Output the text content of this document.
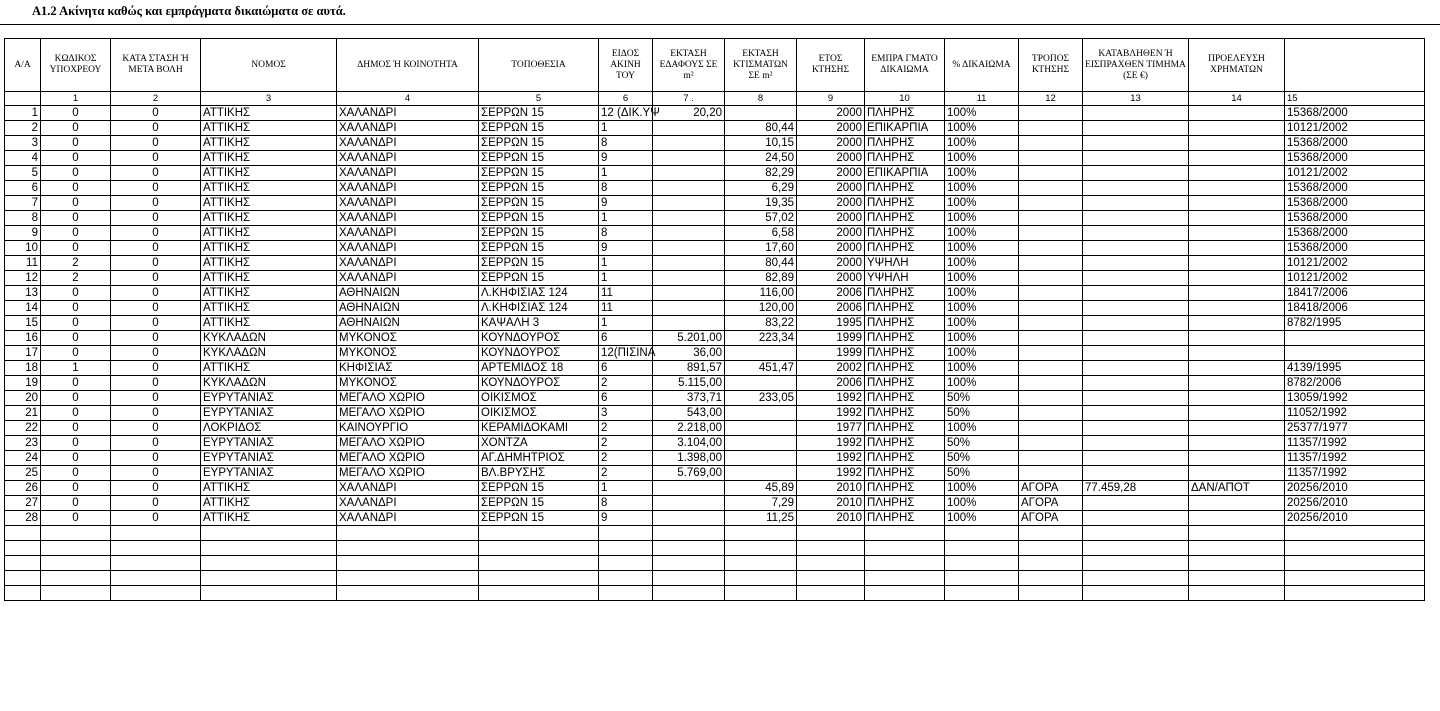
Α1.2 Ακίνητα καθώς και εμπράγματα δικαιώματα σε αυτά.
Α/Α	ΚΩΔΙΚΟΣ ΥΠΟΧΡΕΟΥ	ΚΑΤΑ ΣΤΑΣΗ Ή ΜΕΤΑ ΒΟΛΗ	ΝΟΜΟΣ	ΔΗΜΟΣ Ή ΚΟΙΝΟΤΗΤΑ	ΤΟΠΟΘΕΣΙΑ	ΕΙΔΟΣ ΑΚΙΝΗ ΤΟΥ	ΕΚΤΑΣΗ ΕΔΑΦΟΥΣ ΣΕ m²	ΕΚΤΑΣΗ ΚΤΙΣΜΑΤΩΝ ΣΕ m²	ΕΤΟΣ ΚΤΗΣΗΣ	ΕΜΠΡΑ ΓΜΑΤΟ ΔΙΚΑΙΩΜΑ	% ΔΙΚΑΙΩΜΑ	ΤΡΟΠΟΣ ΚΤΗΣΗΣ	ΚΑΤΑΒΛΗΘΕΝ Ή ΕΙΣΠΡΑΧΘΕΝ ΤΙΜΗΜΑ (ΣΕ €)	ΠΡΟΕΛΕΥΣΗ ΧΡΗΜΑΤΩΝ	
	1	2	3	4	5	6	7 .	8	9	10	11	12	13	14	15
1	0	0	ΑΤΤΙΚΗΣ	ΧΑΛΑΝΔΡΙ	ΣΕΡΡΩΝ 15	12 (ΔΙΚ.ΥΨ	20,20		2000	ΠΛΗΡΗΣ	100%				15368/2000
2	0	0	ΑΤΤΙΚΗΣ	ΧΑΛΑΝΔΡΙ	ΣΕΡΡΩΝ 15	1		80,44	2000	ΕΠΙΚΑΡΠΙΑ	100%				10121/2002
3	0	0	ΑΤΤΙΚΗΣ	ΧΑΛΑΝΔΡΙ	ΣΕΡΡΩΝ 15	8		10,15	2000	ΠΛΗΡΗΣ	100%				15368/2000
4	0	0	ΑΤΤΙΚΗΣ	ΧΑΛΑΝΔΡΙ	ΣΕΡΡΩΝ 15	9		24,50	2000	ΠΛΗΡΗΣ	100%				15368/2000
5	0	0	ΑΤΤΙΚΗΣ	ΧΑΛΑΝΔΡΙ	ΣΕΡΡΩΝ 15	1		82,29	2000	ΕΠΙΚΑΡΠΙΑ	100%				10121/2002
6	0	0	ΑΤΤΙΚΗΣ	ΧΑΛΑΝΔΡΙ	ΣΕΡΡΩΝ 15	8		6,29	2000	ΠΛΗΡΗΣ	100%				15368/2000
7	0	0	ΑΤΤΙΚΗΣ	ΧΑΛΑΝΔΡΙ	ΣΕΡΡΩΝ 15	9		19,35	2000	ΠΛΗΡΗΣ	100%				15368/2000
8	0	0	ΑΤΤΙΚΗΣ	ΧΑΛΑΝΔΡΙ	ΣΕΡΡΩΝ 15	1		57,02	2000	ΠΛΗΡΗΣ	100%				15368/2000
9	0	0	ΑΤΤΙΚΗΣ	ΧΑΛΑΝΔΡΙ	ΣΕΡΡΩΝ 15	8		6,58	2000	ΠΛΗΡΗΣ	100%				15368/2000
10	0	0	ΑΤΤΙΚΗΣ	ΧΑΛΑΝΔΡΙ	ΣΕΡΡΩΝ 15	9		17,60	2000	ΠΛΗΡΗΣ	100%				15368/2000
11	2	0	ΑΤΤΙΚΗΣ	ΧΑΛΑΝΔΡΙ	ΣΕΡΡΩΝ 15	1		80,44	2000	ΥΨΗΛΗ	100%				10121/2002
12	2	0	ΑΤΤΙΚΗΣ	ΧΑΛΑΝΔΡΙ	ΣΕΡΡΩΝ 15	1		82,89	2000	ΥΨΗΛΗ	100%				10121/2002
13	0	0	ΑΤΤΙΚΗΣ	ΑΘΗΝΑΙΩΝ	Λ.ΚΗΦΙΣΙΑΣ 124	11		116,00	2006	ΠΛΗΡΗΣ	100%				18417/2006
14	0	0	ΑΤΤΙΚΗΣ	ΑΘΗΝΑΙΩΝ	Λ.ΚΗΦΙΣΙΑΣ 124	11		120,00	2006	ΠΛΗΡΗΣ	100%				18418/2006
15	0	0	ΑΤΤΙΚΗΣ	ΑΘΗΝΑΙΩΝ	ΚΑΨΑΛΗ 3	1		83,22	1995	ΠΛΗΡΗΣ	100%				8782/1995
16	0	0	ΚΥΚΛΑΔΩΝ	ΜΥΚΟΝΟΣ	ΚΟΥΝΔΟΥΡΟΣ	6	5.201,00	223,34	1999	ΠΛΗΡΗΣ	100%				
17	0	0	ΚΥΚΛΑΔΩΝ	ΜΥΚΟΝΟΣ	ΚΟΥΝΔΟΥΡΟΣ	12(ΠΙΣΙΝΑ	36,00		1999	ΠΛΗΡΗΣ	100%				
18	1	0	ΑΤΤΙΚΗΣ	ΚΗΦΙΣΙΑΣ	ΑΡΤΕΜΙΔΟΣ 18	6	891,57	451,47	2002	ΠΛΗΡΗΣ	100%				4139/1995
19	0	0	ΚΥΚΛΑΔΩΝ	ΜΥΚΟΝΟΣ	ΚΟΥΝΔΟΥΡΟΣ	2	5.115,00		2006	ΠΛΗΡΗΣ	100%				8782/2006
20	0	0	ΕΥΡΥΤΑΝΙΑΣ	ΜΕΓΑΛΟ ΧΩΡΙΟ	ΟΙΚΙΣΜΟΣ	6	373,71	233,05	1992	ΠΛΗΡΗΣ	50%				13059/1992
21	0	0	ΕΥΡΥΤΑΝΙΑΣ	ΜΕΓΑΛΟ ΧΩΡΙΟ	ΟΙΚΙΣΜΟΣ	3	543,00		1992	ΠΛΗΡΗΣ	50%				11052/1992
22	0	0	ΛΟΚΡΙΔΟΣ	ΚΑΙΝΟΥΡΓΙΟ	ΚΕΡΑΜΙΔΟΚΑΜΙ	2	2.218,00		1977	ΠΛΗΡΗΣ	100%				25377/1977
23	0	0	ΕΥΡΥΤΑΝΙΑΣ	ΜΕΓΑΛΟ ΧΩΡΙΟ	ΧΟΝΤΖΑ	2	3.104,00		1992	ΠΛΗΡΗΣ	50%				11357/1992
24	0	0	ΕΥΡΥΤΑΝΙΑΣ	ΜΕΓΑΛΟ ΧΩΡΙΟ	ΑΓ.ΔΗΜΗΤΡΙΟΣ	2	1.398,00		1992	ΠΛΗΡΗΣ	50%				11357/1992
25	0	0	ΕΥΡΥΤΑΝΙΑΣ	ΜΕΓΑΛΟ ΧΩΡΙΟ	ΒΛ.ΒΡΥΣΗΣ	2	5.769,00		1992	ΠΛΗΡΗΣ	50%				11357/1992
26	0	0	ΑΤΤΙΚΗΣ	ΧΑΛΑΝΔΡΙ	ΣΕΡΡΩΝ 15	1		45,89	2010	ΠΛΗΡΗΣ	100%	ΑΓΟΡΑ	77.459,28	ΔΑΝ/ΑΠΟΤ	20256/2010
27	0	0	ΑΤΤΙΚΗΣ	ΧΑΛΑΝΔΡΙ	ΣΕΡΡΩΝ 15	8		7,29	2010	ΠΛΗΡΗΣ	100%	ΑΓΟΡΑ			20256/2010
28	0	0	ΑΤΤΙΚΗΣ	ΧΑΛΑΝΔΡΙ	ΣΕΡΡΩΝ 15	9		11,25	2010	ΠΛΗΡΗΣ	100%	ΑΓΟΡΑ			20256/2010
